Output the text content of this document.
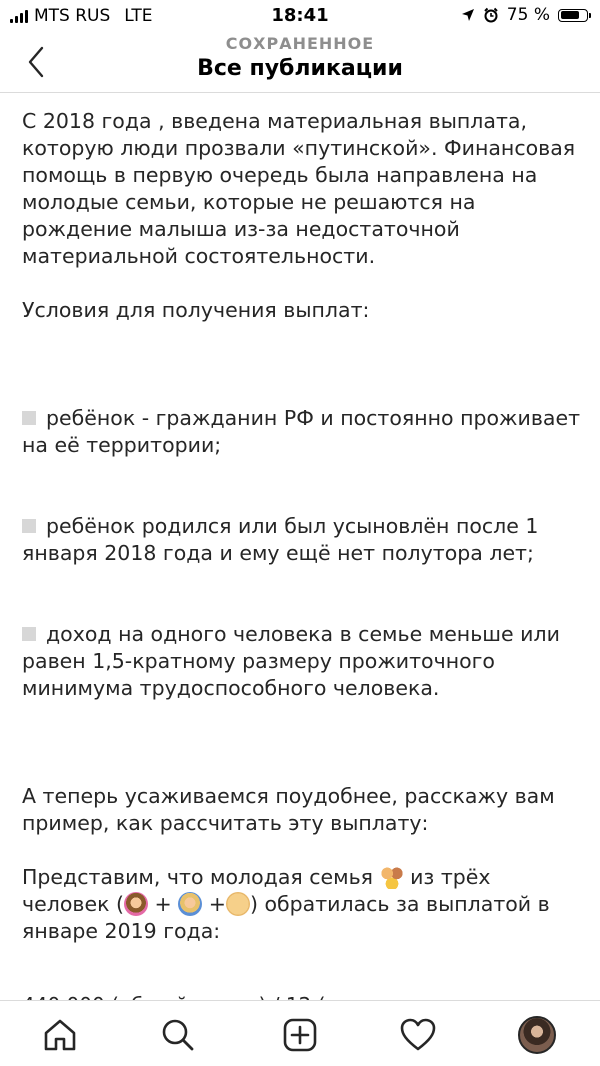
MTS RUS LTE	18:41	75 %
СОХРАНЕННОЕ
Все публикации

С 2018 года , введена материальная выплата, которую люди прозвали «путинской». Финансовая помощь в первую очередь была направлена на молодые семьи, которые не решаются на рождение малыша из-за недостаточной материальной состоятельности.

Условия для получения выплат:

ребёнок - гражданин РФ и постоянно проживает на её территории;

ребёнок родился или был усыновлён после 1 января 2018 года и ему ещё нет полутора лет;

доход на одного человека в семье меньше или равен 1,5-кратному размеру прожиточного минимума трудоспособного человека.

А теперь усаживаемся поудобнее, расскажу вам пример, как рассчитать эту выплату:

Представим, что молодая семья из трёх человек ( + + ) обратилась за выплатой в январе 2019 года:
